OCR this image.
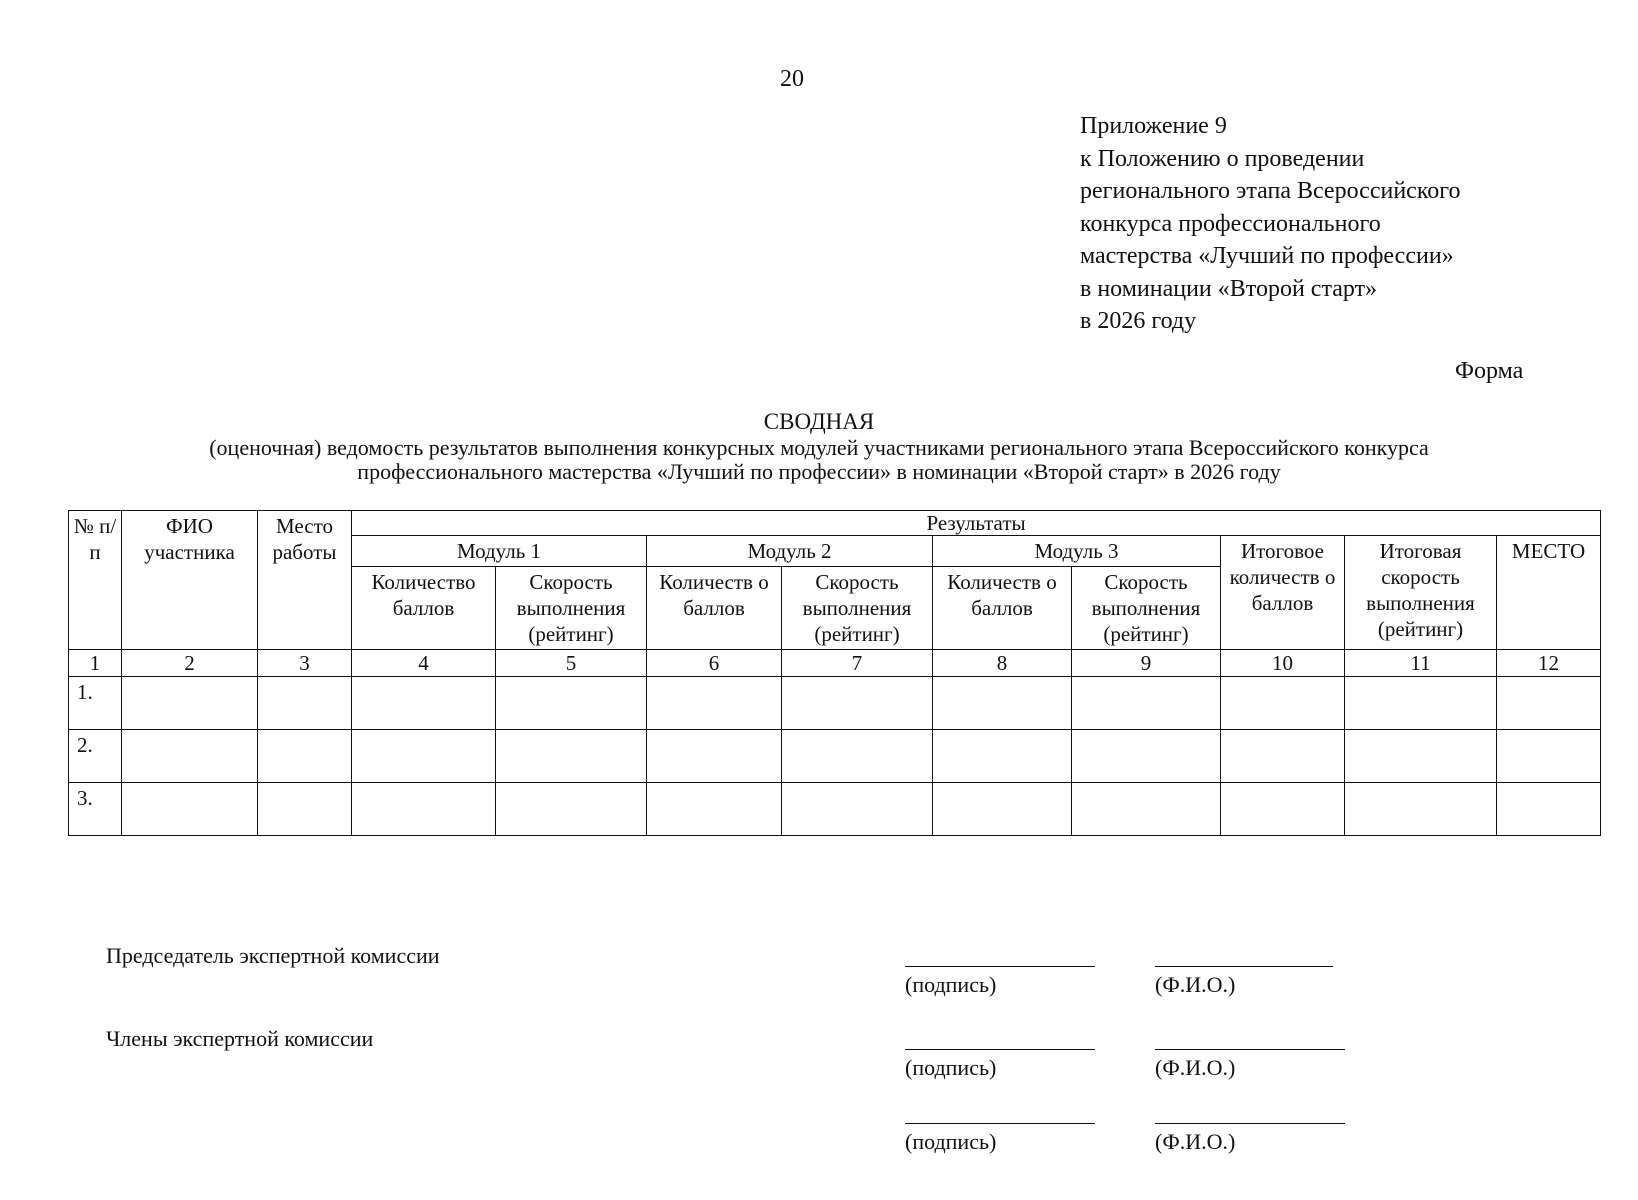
20
Приложение 9
к Положению о проведении
регионального этапа Всероссийского
конкурса профессионального
мастерства «Лучший по профессии»
в номинации «Второй старт»
в 2026 году
Форма
СВОДНАЯ
(оценочная) ведомость результатов выполнения конкурсных модулей участниками регионального этапа Всероссийского конкурса
профессионального мастерства «Лучший по профессии» в номинации «Второй старт» в 2026 году
№ п/п	ФИО участника	Место работы	Результаты								
			Модуль 1		Модуль 2		Модуль 3		Итоговое количеств о баллов	Итоговая скорость выполнения (рейтинг)	МЕСТО
			Количество баллов	Скорость выполнения (рейтинг)	Количеств о баллов	Скорость выполнения (рейтинг)	Количеств о баллов	Скорость выполнения (рейтинг)			
1	2	3	4	5	6	7	8	9	10	11	12
1.											
2.											
3.											
Председатель экспертной комиссии
(подпись)	(Ф.И.О.)
Члены экспертной комиссии
(подпись)	(Ф.И.О.)
(подпись)	(Ф.И.О.)
